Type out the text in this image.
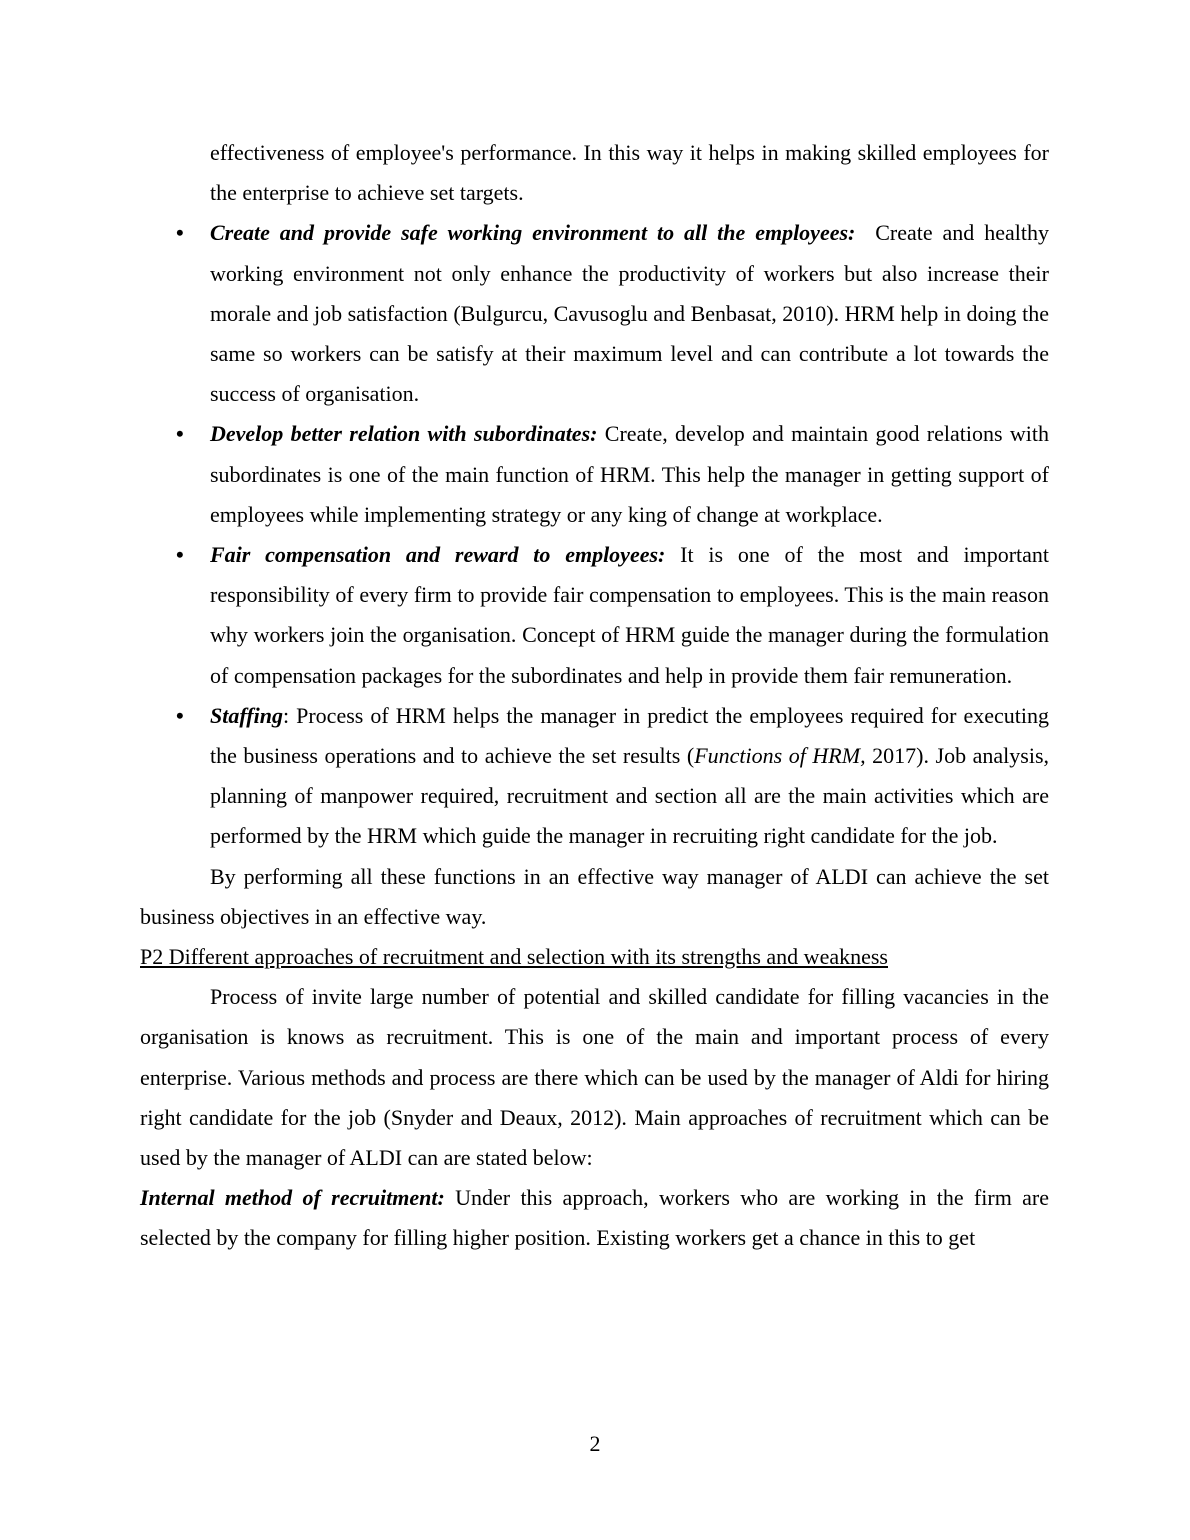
effectiveness of employee's performance. In this way it helps in making skilled employees for the enterprise to achieve set targets.

• Create and provide safe working environment to all the employees:  Create and healthy working environment not only enhance the productivity of workers but also increase their morale and job satisfaction (Bulgurcu, Cavusoglu and Benbasat, 2010). HRM help in doing the same so workers can be satisfy at their maximum level and can contribute a lot towards the success of organisation.
• Develop better relation with subordinates: Create, develop and maintain good relations with subordinates is one of the main function of HRM. This help the manager in getting support of employees while implementing strategy or any king of change at workplace.
• Fair compensation and reward to employees: It is one of the most and important responsibility of every firm to provide fair compensation to employees. This is the main reason why workers join the organisation. Concept of HRM guide the manager during the formulation of compensation packages for the subordinates and help in provide them fair remuneration.
• Staffing: Process of HRM helps the manager in predict the employees required for executing the business operations and to achieve the set results (Functions of HRM, 2017). Job analysis, planning of manpower required, recruitment and section all are the main activities which are performed by the HRM which guide the manager in recruiting right candidate for the job.

By performing all these functions in an effective way manager of ALDI can achieve the set business objectives in an effective way.

P2 Different approaches of recruitment and selection with its strengths and weakness

Process of invite large number of potential and skilled candidate for filling vacancies in the organisation is knows as recruitment. This is one of the main and important process of every enterprise. Various methods and process are there which can be used by the manager of Aldi for hiring right candidate for the job (Snyder and Deaux, 2012). Main approaches of recruitment which can be used by the manager of ALDI can are stated below:

Internal method of recruitment: Under this approach, workers who are working in the firm are selected by the company for filling higher position. Existing workers get a chance in this to get

2
